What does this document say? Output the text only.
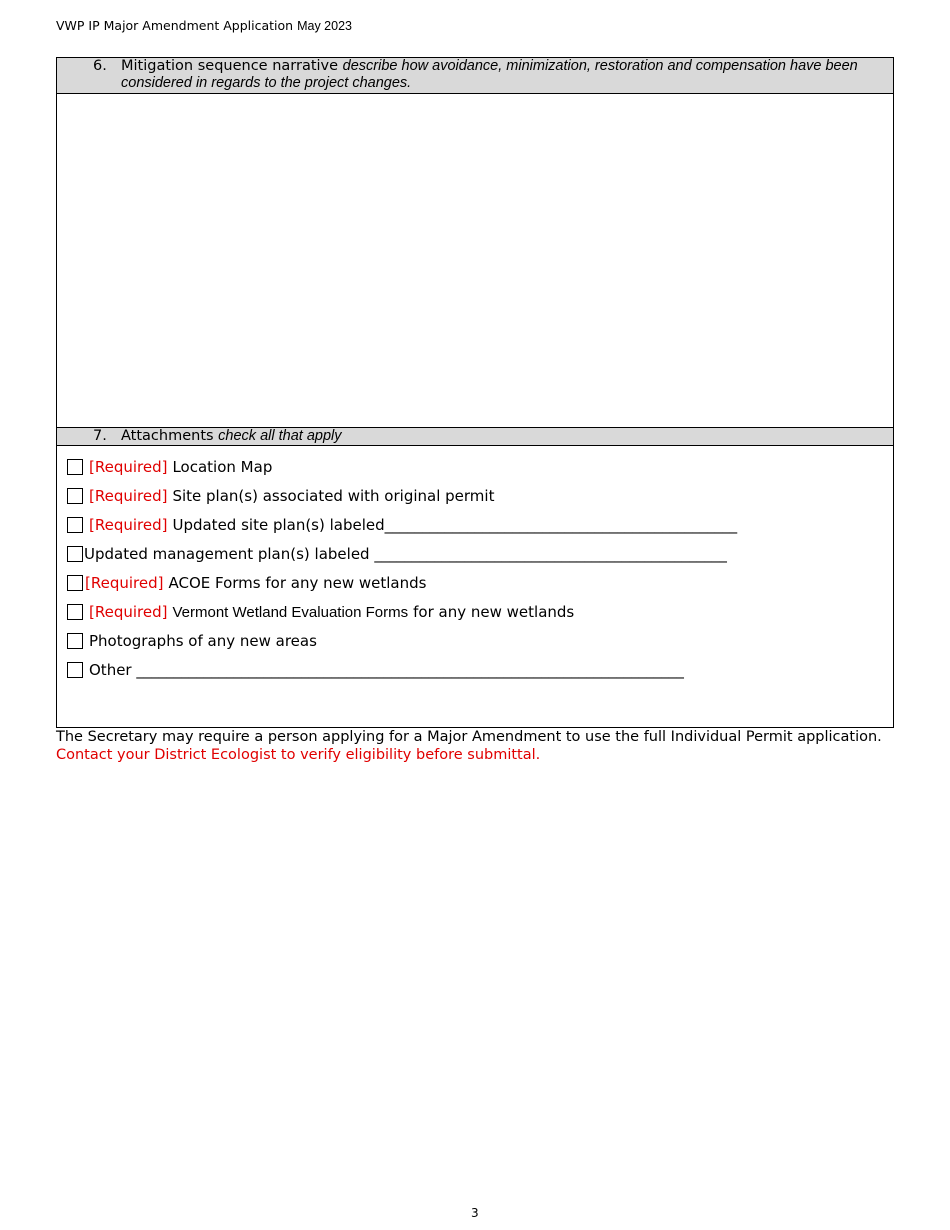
VWP IP Major Amendment Application May 2023
6. Mitigation sequence narrative describe how avoidance, minimization, restoration and compensation have been considered in regards to the project changes.
7. Attachments check all that apply
[Required] Location Map
[Required] Site plan(s) associated with original permit
[Required] Updated site plan(s) labeled_______________________________________________
Updated management plan(s) labeled _______________________________________________
[Required] ACOE Forms for any new wetlands
[Required] Vermont Wetland Evaluation Forms for any new wetlands
Photographs of any new areas
Other _________________________________________________________________________
The Secretary may require a person applying for a Major Amendment to use the full Individual Permit application. Contact your District Ecologist to verify eligibility before submittal.
3
